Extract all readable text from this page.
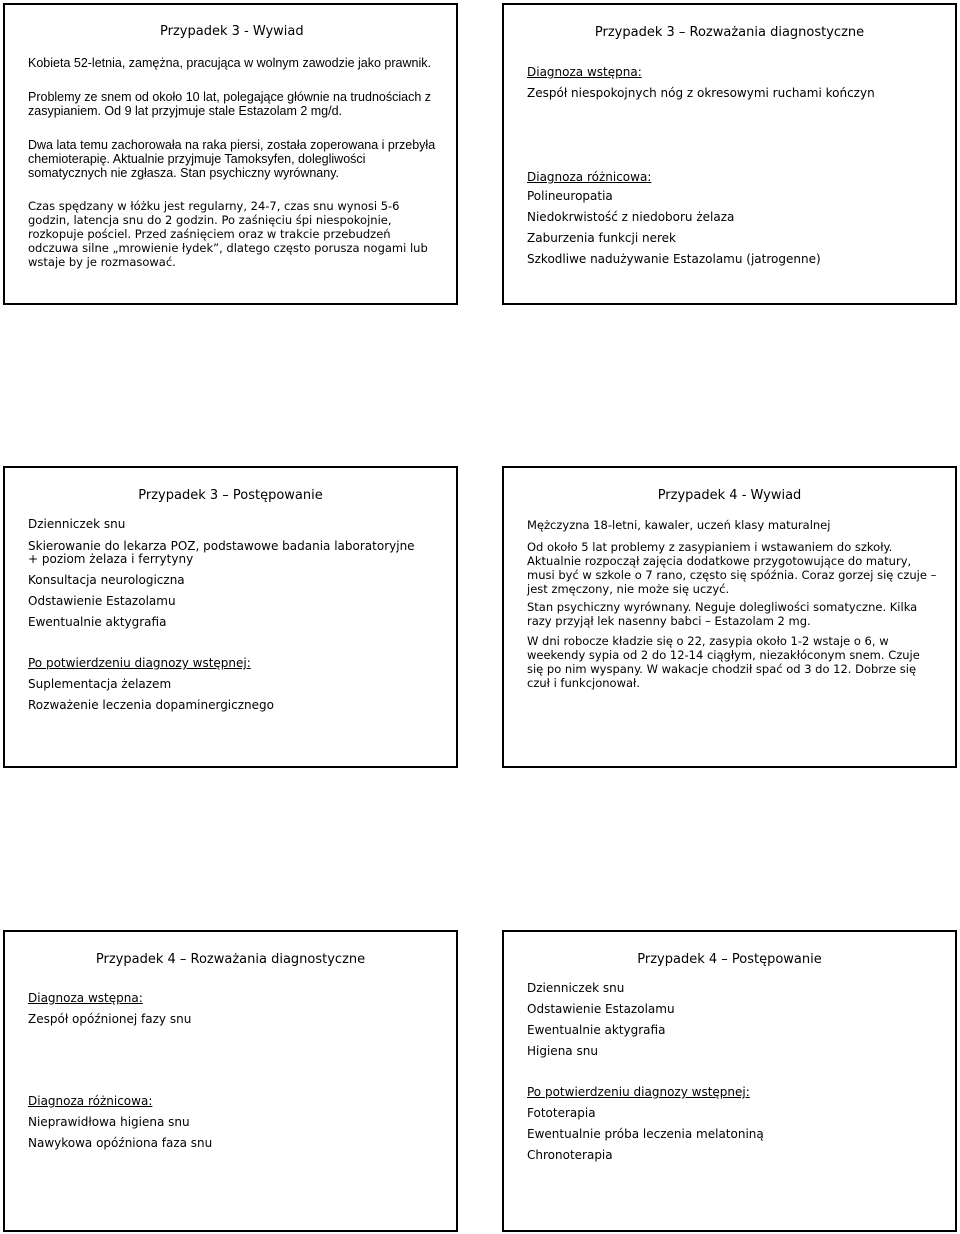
Przypadek 3 - Wywiad
Kobieta 52-letnia, zamężna, pracująca w wolnym zawodzie jako prawnik.
Problemy ze snem od około 10 lat, polegające głównie na trudnościach z zasypianiem. Od 9 lat przyjmuje stale Estazolam 2 mg/d.
Dwa lata temu zachorowała na raka piersi, została zoperowana i przebyła chemioterapię. Aktualnie przyjmuje Tamoksyfen, dolegliwości somatycznych nie zgłasza. Stan psychiczny wyrównany.
Czas spędzany w łóżku jest regularny, 24-7, czas snu wynosi 5-6 godzin, latencja snu do 2 godzin. Po zaśnięciu śpi niespokojnie, rozkopuje pościel. Przed zaśnięciem oraz w trakcie przebudzeń odczuwa silne „mrowienie łydek”, dlatego często porusza nogami lub wstaje by je rozmasować.
Przypadek 3 – Rozważania diagnostyczne
Diagnoza wstępna:
Zespół niespokojnych nóg z okresowymi ruchami kończyn
Diagnoza różnicowa:
Polineuropatia
Niedokrwistość z niedoboru żelaza
Zaburzenia funkcji nerek
Szkodliwe nadużywanie Estazolamu (jatrogenne)
Przypadek 3 – Postępowanie
Dzienniczek snu
Skierowanie do lekarza POZ, podstawowe badania laboratoryjne
+ poziom żelaza i ferrytyny
Konsultacja neurologiczna
Odstawienie Estazolamu
Ewentualnie aktygrafia
Po potwierdzeniu diagnozy wstępnej:
Suplementacja żelazem
Rozważenie leczenia dopaminergicznego
Przypadek 4 - Wywiad
Mężczyzna 18-letni, kawaler, uczeń klasy maturalnej
Od około 5 lat problemy z zasypianiem i wstawaniem do szkoły. Aktualnie rozpoczął zajęcia dodatkowe przygotowujące do matury, musi być w szkole o 7 rano, często się spóźnia. Coraz gorzej się czuje – jest zmęczony, nie może się uczyć.
Stan psychiczny wyrównany. Neguje dolegliwości somatyczne. Kilka razy przyjął lek nasenny babci – Estazolam 2 mg.
W dni robocze kładzie się o 22, zasypia około 1-2 wstaje o 6, w weekendy sypia od 2 do 12-14 ciągłym, niezakłóconym snem. Czuje się po nim wyspany. W wakacje chodził spać od 3 do 12. Dobrze się czuł i funkcjonował.
Przypadek 4 – Rozważania diagnostyczne
Diagnoza wstępna:
Zespół opóźnionej fazy snu
Diagnoza różnicowa:
Nieprawidłowa higiena snu
Nawykowa opóźniona faza snu
Przypadek 4 – Postępowanie
Dzienniczek snu
Odstawienie Estazolamu
Ewentualnie aktygrafia
Higiena snu
Po potwierdzeniu diagnozy wstępnej:
Fototerapia
Ewentualnie próba leczenia melatoniną
Chronoterapia
